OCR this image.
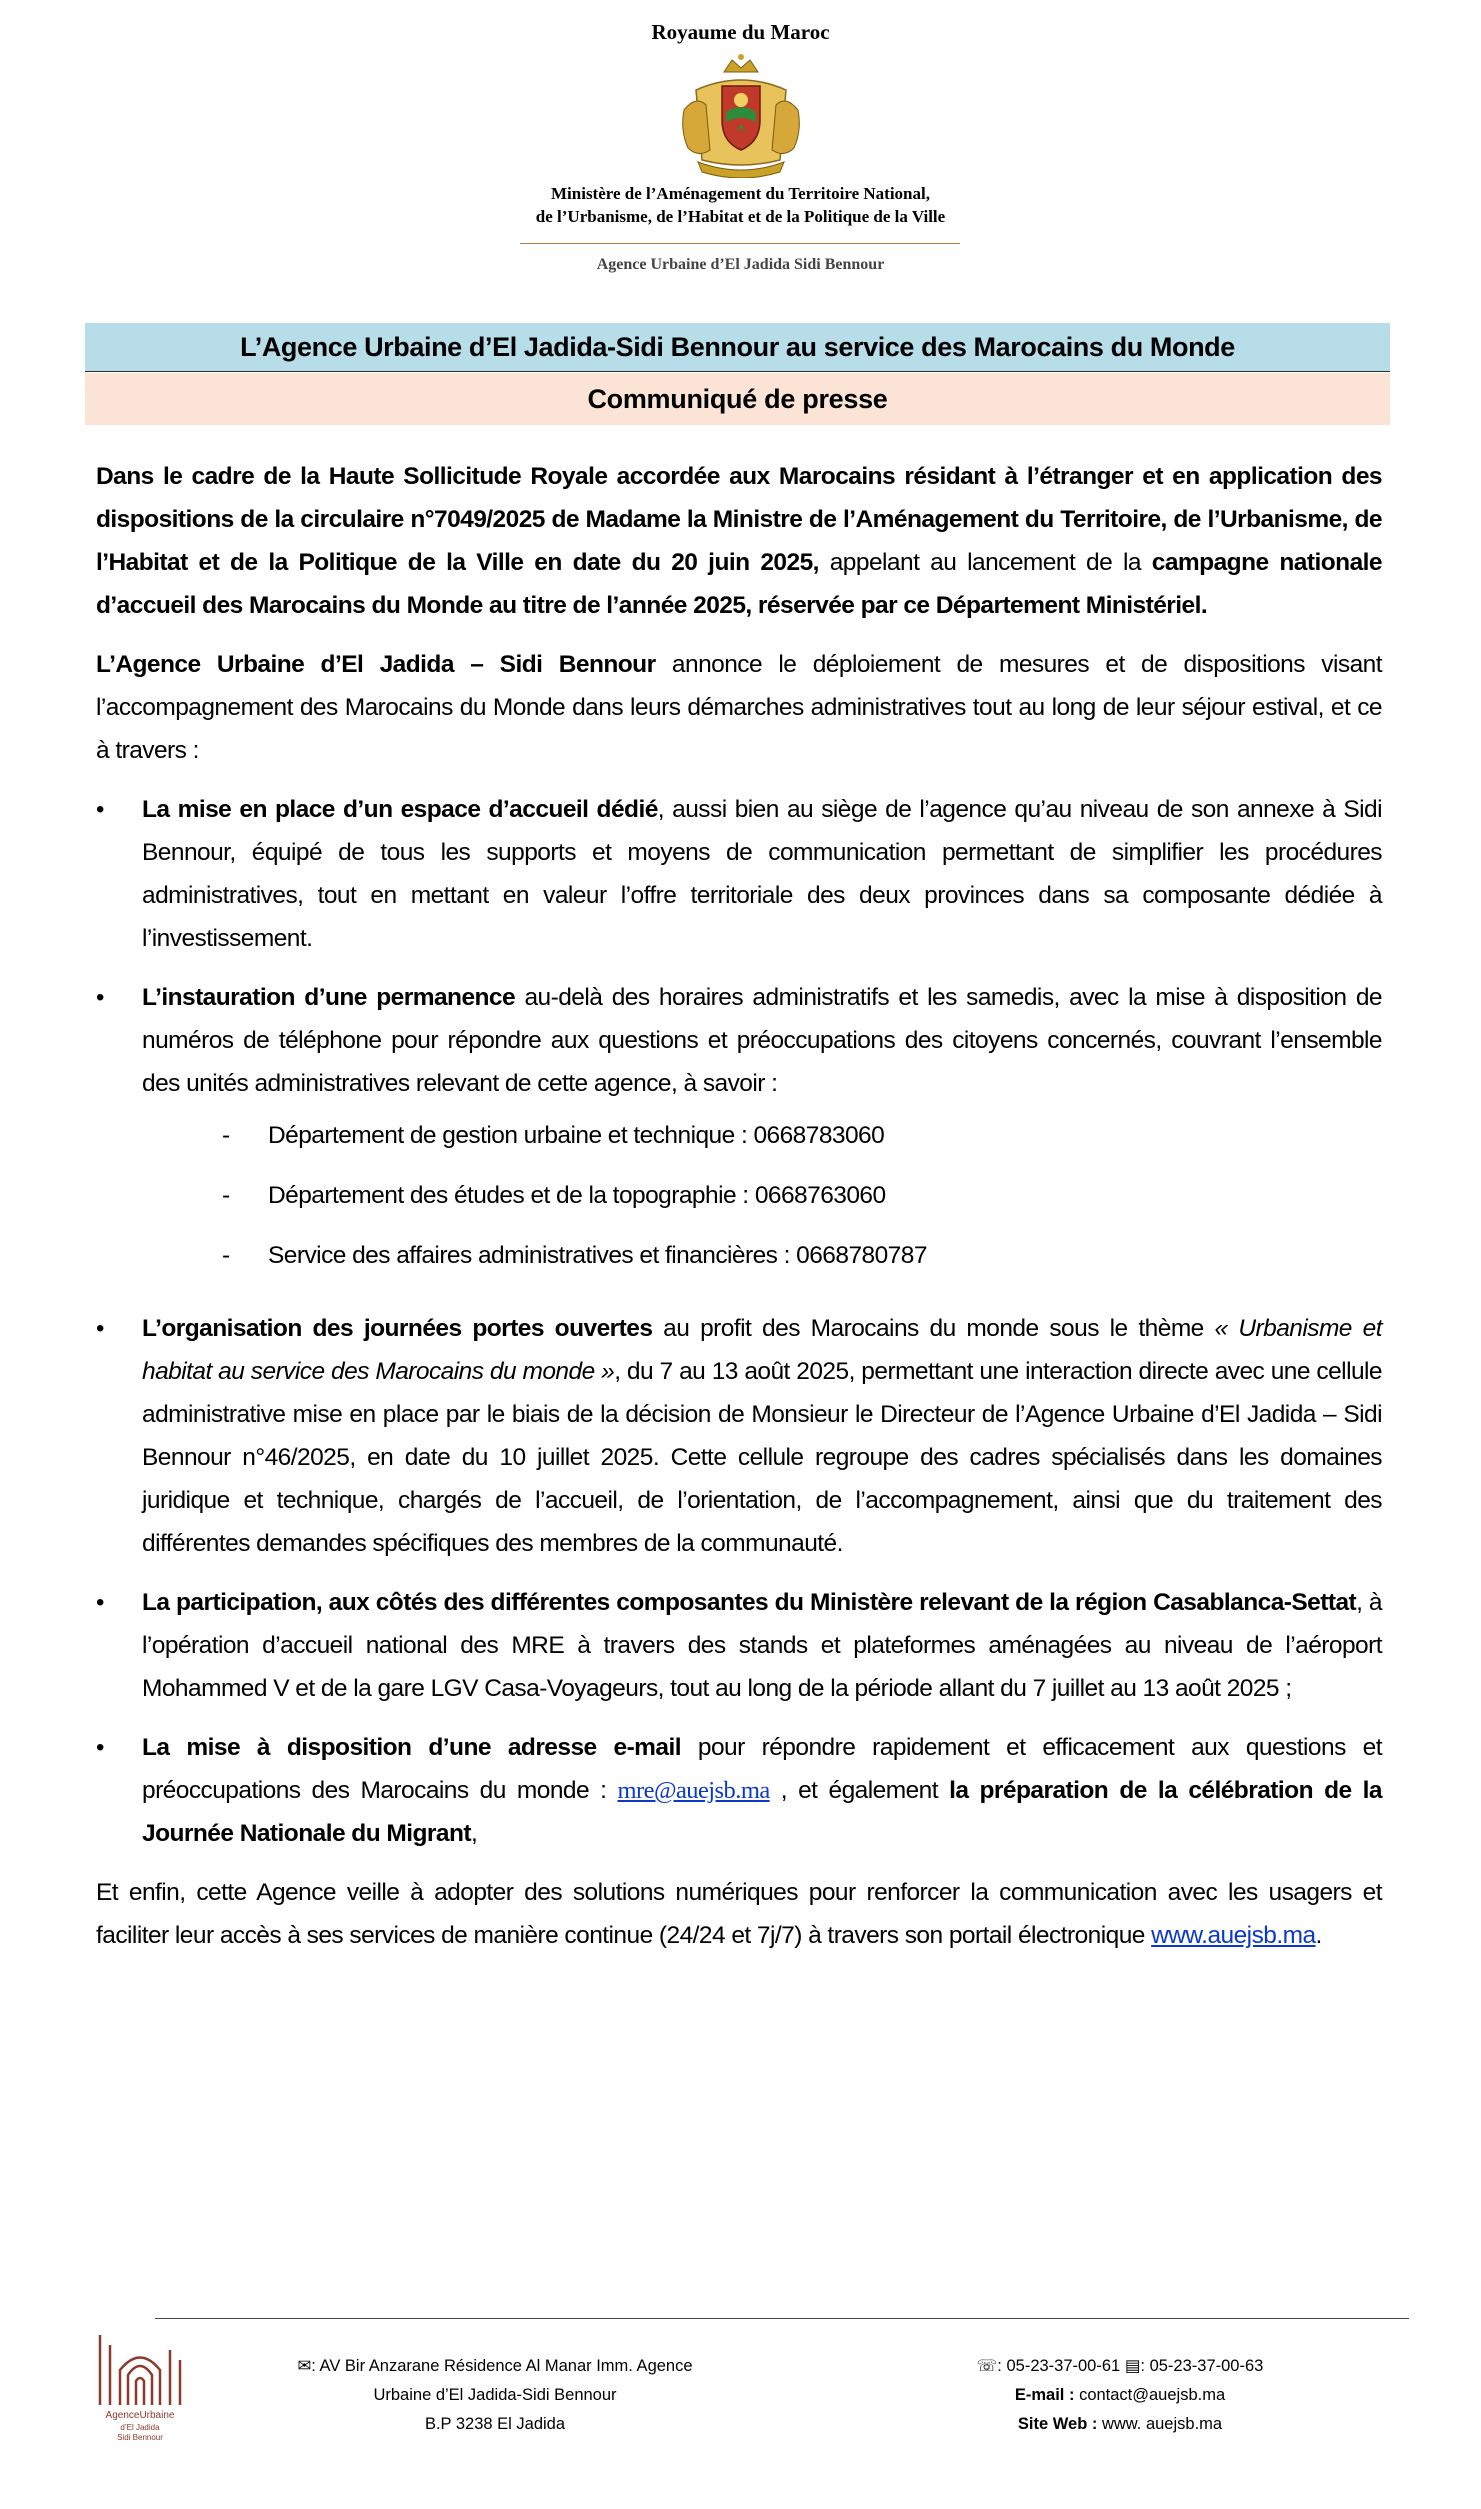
Royaume du Maroc
Ministère de l’Aménagement du Territoire National,
de l’Urbanisme, de l’Habitat et de la Politique de la Ville
Agence Urbaine d’El Jadida Sidi Bennour
L’Agence Urbaine d’El Jadida-Sidi Bennour au service des Marocains du Monde
Communiqué de presse

Dans le cadre de la Haute Sollicitude Royale accordée aux Marocains résidant à l’étranger et en application des dispositions de la circulaire n°7049/2025 de Madame la Ministre de l’Aménagement du Territoire, de l’Urbanisme, de l’Habitat et de la Politique de la Ville en date du 20 juin 2025, appelant au lancement de la campagne nationale d’accueil des Marocains du Monde au titre de l’année 2025, réservée par ce Département Ministériel.

L’Agence Urbaine d’El Jadida – Sidi Bennour annonce le déploiement de mesures et de dispositions visant l’accompagnement des Marocains du Monde dans leurs démarches administratives tout au long de leur séjour estival, et ce à travers :

•	La mise en place d’un espace d’accueil dédié, aussi bien au siège de l’agence qu’au niveau de son annexe à Sidi Bennour, équipé de tous les supports et moyens de communication permettant de simplifier les procédures administratives, tout en mettant en valeur l’offre territoriale des deux provinces dans sa composante dédiée à l’investissement.
•	L’instauration d’une permanence au-delà des horaires administratifs et les samedis, avec la mise à disposition de numéros de téléphone pour répondre aux questions et préoccupations des citoyens concernés, couvrant l’ensemble des unités administratives relevant de cette agence, à savoir :
- Département de gestion urbaine et technique : 0668783060
- Département des études et de la topographie : 0668763060
- Service des affaires administratives et financières : 0668780787
•	L’organisation des journées portes ouvertes au profit des Marocains du monde sous le thème « Urbanisme et habitat au service des Marocains du monde », du 7 au 13 août 2025, permettant une interaction directe avec une cellule administrative mise en place par le biais de la décision de Monsieur le Directeur de l’Agence Urbaine d’El Jadida – Sidi Bennour n°46/2025, en date du 10 juillet 2025. Cette cellule regroupe des cadres spécialisés dans les domaines juridique et technique, chargés de l’accueil, de l’orientation, de l’accompagnement, ainsi que du traitement des différentes demandes spécifiques des membres de la communauté.
•	La participation, aux côtés des différentes composantes du Ministère relevant de la région Casablanca-Settat, à l’opération d’accueil national des MRE à travers des stands et plateformes aménagées au niveau de l’aéroport Mohammed V et de la gare LGV Casa-Voyageurs, tout au long de la période allant du 7 juillet au 13 août 2025 ;
•	La mise à disposition d’une adresse e-mail pour répondre rapidement et efficacement aux questions et préoccupations des Marocains du monde : mre@auejsb.ma , et également la préparation de la célébration de la Journée Nationale du Migrant,

Et enfin, cette Agence veille à adopter des solutions numériques pour renforcer la communication avec les usagers et faciliter leur accès à ses services de manière continue (24/24 et 7j/7) à travers son portail électronique www.auejsb.ma.

AgenceUrbaine
d’El Jadida
Sidi Bennour
✉: AV Bir Anzarane Résidence Al Manar Imm. Agence
Urbaine d’El Jadida-Sidi Bennour
B.P 3238 El Jadida
☏: 05-23-37-00-61 ▤: 05-23-37-00-63
E-mail : contact@auejsb.ma
Site Web : www. auejsb.ma
